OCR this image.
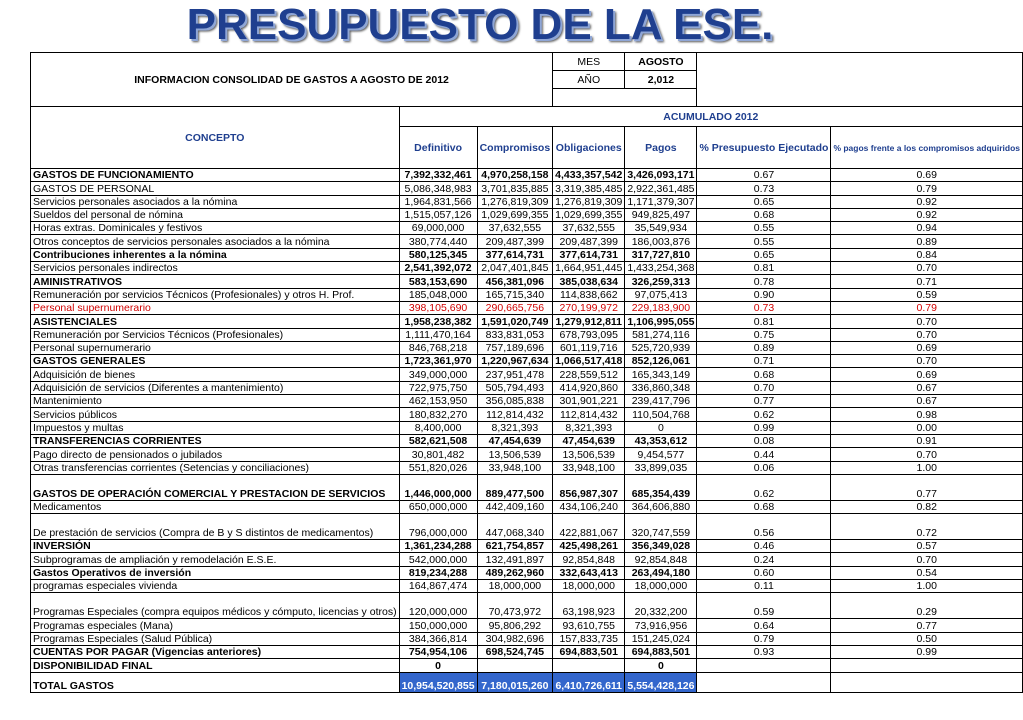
PRESUPUESTO DE LA ESE.
INFORMACION CONSOLIDAD DE GASTOS A AGOSTO DE 2012			MES	AGOSTO		
			AÑO	2,012		

CONCEPTO	ACUMULADO 2012					
	Definitivo	Compromisos	Obligaciones	Pagos	% Presupuesto Ejecutado	% pagos frente a los compromisos adquiridos
GASTOS DE FUNCIONAMIENTO	7,392,332,461	4,970,258,158	4,433,357,542	3,426,093,171	0.67	0.69
GASTOS DE PERSONAL	5,086,348,983	3,701,835,885	3,319,385,485	2,922,361,485	0.73	0.79
Servicios personales asociados a la nómina	1,964,831,566	1,276,819,309	1,276,819,309	1,171,379,307	0.65	0.92
Sueldos del personal de nómina	1,515,057,126	1,029,699,355	1,029,699,355	949,825,497	0.68	0.92
Horas extras. Dominicales y festivos	69,000,000	37,632,555	37,632,555	35,549,934	0.55	0.94
Otros conceptos de servicios personales asociados a la nómina	380,774,440	209,487,399	209,487,399	186,003,876	0.55	0.89
Contribuciones inherentes a la nómina	580,125,345	377,614,731	377,614,731	317,727,810	0.65	0.84
Servicios personales indirectos	2,541,392,072	2,047,401,845	1,664,951,445	1,433,254,368	0.81	0.70
AMINISTRATIVOS	583,153,690	456,381,096	385,038,634	326,259,313	0.78	0.71
Remuneración por servicios Técnicos (Profesionales) y otros H. Prof.	185,048,000	165,715,340	114,838,662	97,075,413	0.90	0.59
Personal supernumerario	398,105,690	290,665,756	270,199,972	229,183,900	0.73	0.79
ASISTENCIALES	1,958,238,382	1,591,020,749	1,279,912,811	1,106,995,055	0.81	0.70
Remuneración por Servicios Técnicos (Profesionales)	1,111,470,164	833,831,053	678,793,095	581,274,116	0.75	0.70
Personal supernumerario	846,768,218	757,189,696	601,119,716	525,720,939	0.89	0.69
GASTOS GENERALES	1,723,361,970	1,220,967,634	1,066,517,418	852,126,061	0.71	0.70
Adquisición de bienes	349,000,000	237,951,478	228,559,512	165,343,149	0.68	0.69
Adquisición de servicios (Diferentes a mantenimiento)	722,975,750	505,794,493	414,920,860	336,860,348	0.70	0.67
Mantenimiento	462,153,950	356,085,838	301,901,221	239,417,796	0.77	0.67
Servicios públicos	180,832,270	112,814,432	112,814,432	110,504,768	0.62	0.98
Impuestos y multas	8,400,000	8,321,393	8,321,393	0	0.99	0.00
TRANSFERENCIAS CORRIENTES	582,621,508	47,454,639	47,454,639	43,353,612	0.08	0.91
Pago directo de pensionados o jubilados	30,801,482	13,506,539	13,506,539	9,454,577	0.44	0.70
Otras transferencias corrientes (Setencias y conciliaciones)	551,820,026	33,948,100	33,948,100	33,899,035	0.06	1.00
GASTOS DE OPERACIÓN COMERCIAL Y PRESTACION DE SERVICIOS	1,446,000,000	889,477,500	856,987,307	685,354,439	0.62	0.77
Medicamentos	650,000,000	442,409,160	434,106,240	364,606,880	0.68	0.82
De prestación de servicios (Compra de B y S distintos de medicamentos)	796,000,000	447,068,340	422,881,067	320,747,559	0.56	0.72
INVERSIÓN	1,361,234,288	621,754,857	425,498,261	356,349,028	0.46	0.57
Subprogramas de ampliación y remodelación E.S.E.	542,000,000	132,491,897	92,854,848	92,854,848	0.24	0.70
Gastos Operativos de inversión	819,234,288	489,262,960	332,643,413	263,494,180	0.60	0.54
programas especiales vivienda	164,867,474	18,000,000	18,000,000	18,000,000	0.11	1.00
Programas Especiales (compra equipos médicos y cómputo, licencias y otros)	120,000,000	70,473,972	63,198,923	20,332,200	0.59	0.29
Programas especiales (Mana)	150,000,000	95,806,292	93,610,755	73,916,956	0.64	0.77
Programas Especiales (Salud Pública)	384,366,814	304,982,696	157,833,735	151,245,024	0.79	0.50
CUENTAS POR PAGAR (Vigencias anteriores)	754,954,106	698,524,745	694,883,501	694,883,501	0.93	0.99
DISPONIBILIDAD FINAL	0			0		
TOTAL GASTOS	10,954,520,855	7,180,015,260	6,410,726,611	5,554,428,126		
